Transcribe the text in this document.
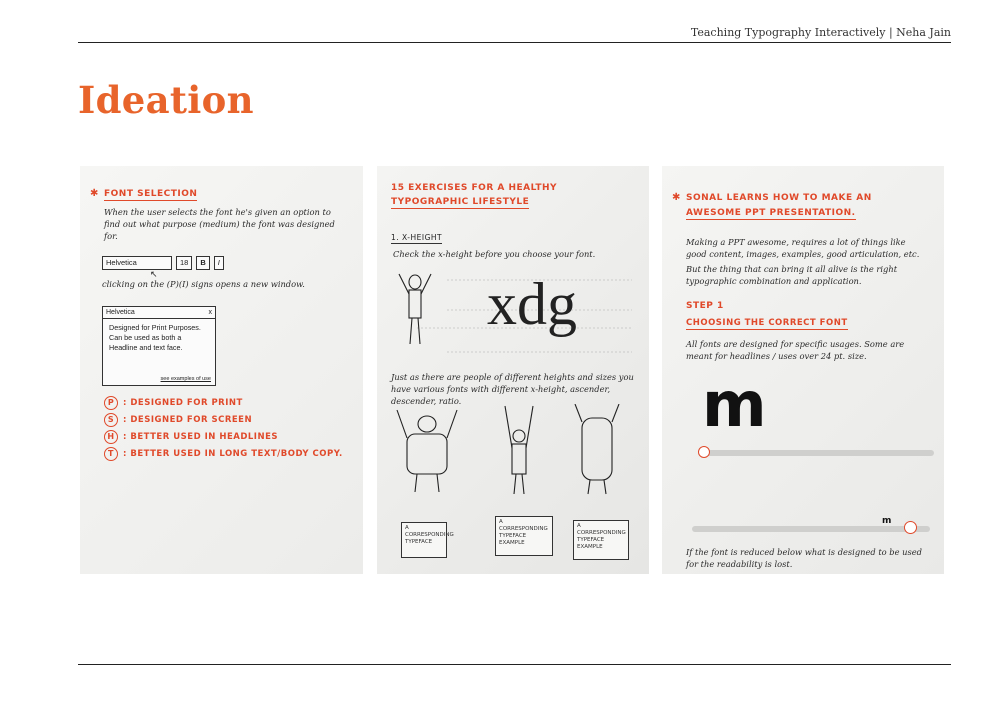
Teaching Typography Interactively | Neha Jain
Ideation
✱ FONT SELECTION
When the user selects the font he's given an option to find out what purpose (medium) the font was designed for.
Helvetica	18	B	I
↖
clicking on the (P)(I) signs opens a new window.
Helvetica	x
Designed for Print Purposes. Can be used as both a Headline and text face.
see examples of use
P	: DESIGNED FOR PRINT
S	: DESIGNED FOR SCREEN
H : BETTER USED IN HEADLINES
T	: BETTER USED IN LONG TEXT/BODY COPY.
15 EXERCISES FOR A HEALTHY
TYPOGRAPHIC LIFESTYLE
1. X-HEIGHT
Check the x-height before you choose your font.
xdg
Just as there are people of different heights and sizes you have various fonts with different x-height, ascender, descender, ratio.
A CORRESPONDING TYPEFACE
A CORRESPONDING TYPEFACE EXAMPLE
A CORRESPONDING TYPEFACE EXAMPLE
✱ SONAL LEARNS HOW TO MAKE AN
AWESOME PPT PRESENTATION.
Making a PPT awesome, requires a lot of things like good content, images, examples, good articulation, etc.
But the thing that can bring it all alive is the right typographic combination and application.
STEP 1
CHOOSING THE CORRECT FONT
All fonts are designed for specific usages. Some are meant for headlines / uses over 24 pt. size.
m
m
If the font is reduced below what is designed to be used for the readability is lost.
